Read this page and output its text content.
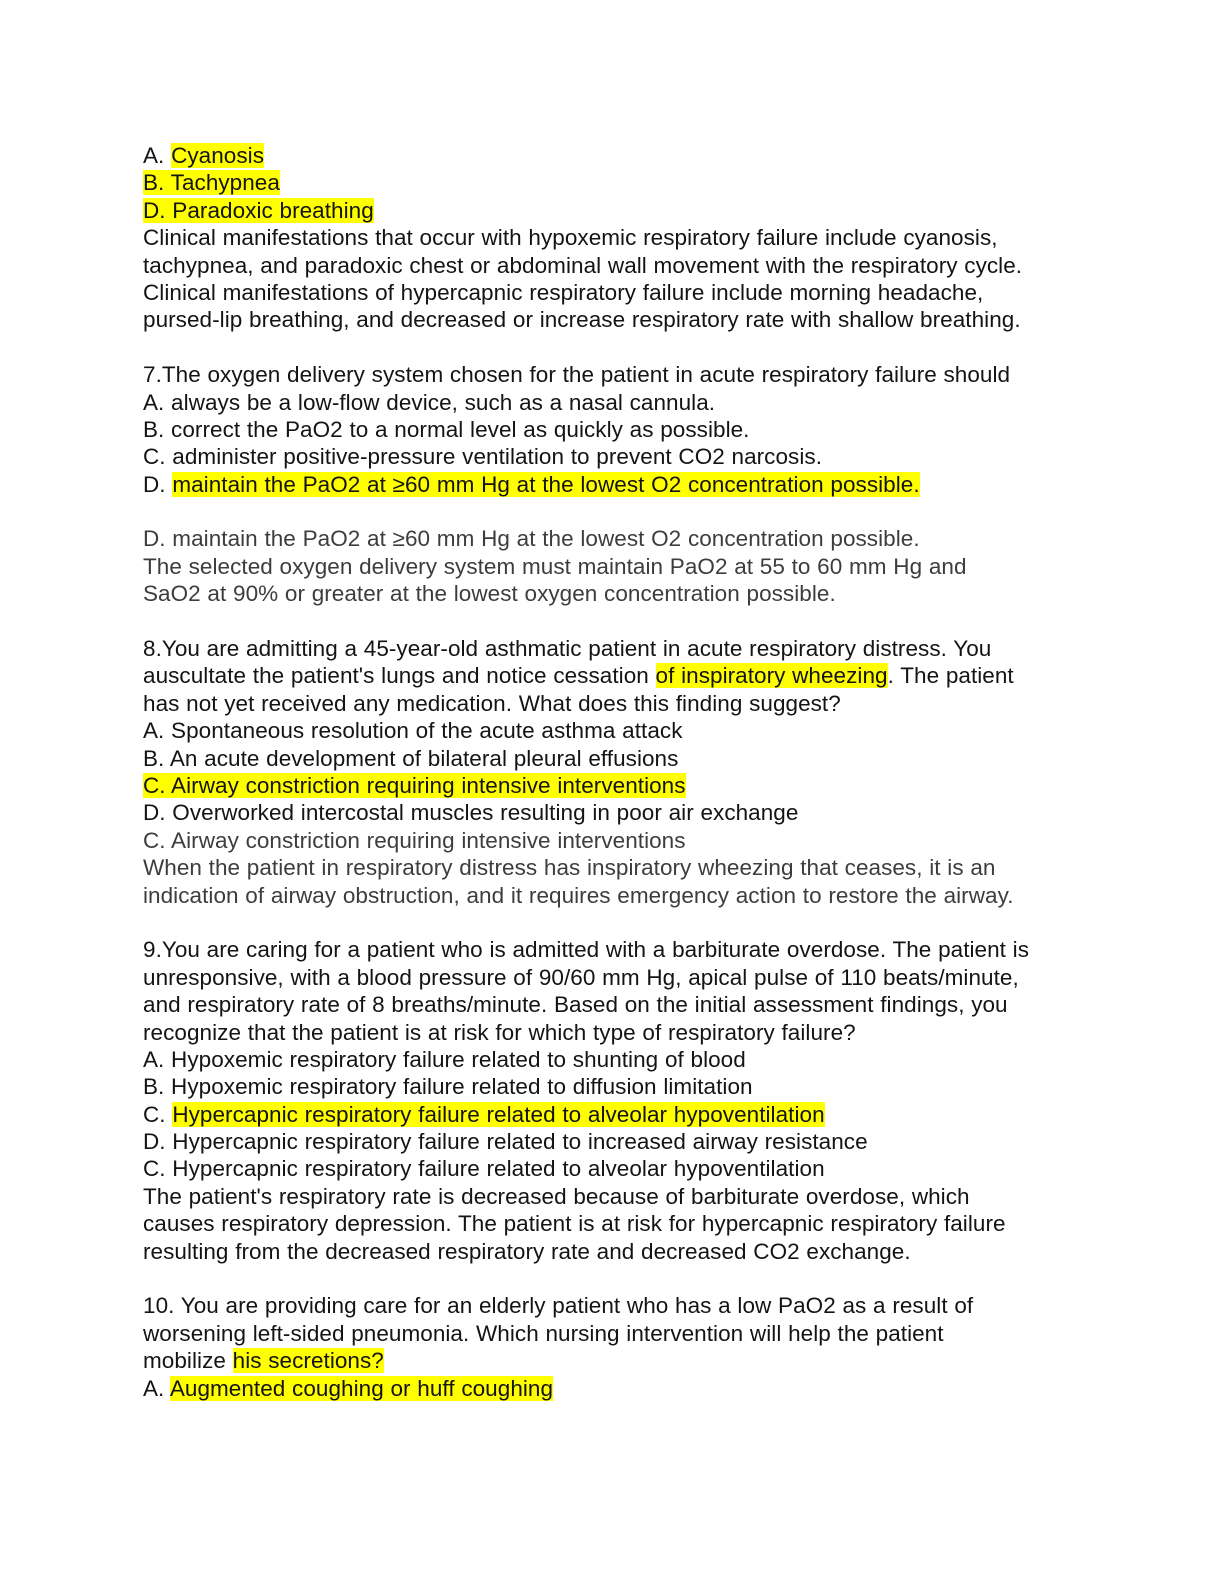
A. Cyanosis
B. Tachypnea
D. Paradoxic breathing
Clinical manifestations that occur with hypoxemic respiratory failure include cyanosis,
tachypnea, and paradoxic chest or abdominal wall movement with the respiratory cycle.
Clinical manifestations of hypercapnic respiratory failure include morning headache,
pursed-lip breathing, and decreased or increase respiratory rate with shallow breathing.
7.The oxygen delivery system chosen for the patient in acute respiratory failure should
A. always be a low-flow device, such as a nasal cannula.
B. correct the PaO2 to a normal level as quickly as possible.
C. administer positive-pressure ventilation to prevent CO2 narcosis.
D. maintain the PaO2 at ≥60 mm Hg at the lowest O2 concentration possible.
D. maintain the PaO2 at ≥60 mm Hg at the lowest O2 concentration possible.
The selected oxygen delivery system must maintain PaO2 at 55 to 60 mm Hg and
SaO2 at 90% or greater at the lowest oxygen concentration possible.
8.You are admitting a 45-year-old asthmatic patient in acute respiratory distress. You
auscultate the patient's lungs and notice cessation of inspiratory wheezing. The patient
has not yet received any medication. What does this finding suggest?
A. Spontaneous resolution of the acute asthma attack
B. An acute development of bilateral pleural effusions
C. Airway constriction requiring intensive interventions
D. Overworked intercostal muscles resulting in poor air exchange
C. Airway constriction requiring intensive interventions
When the patient in respiratory distress has inspiratory wheezing that ceases, it is an
indication of airway obstruction, and it requires emergency action to restore the airway.
9.You are caring for a patient who is admitted with a barbiturate overdose. The patient is
unresponsive, with a blood pressure of 90/60 mm Hg, apical pulse of 110 beats/minute,
and respiratory rate of 8 breaths/minute. Based on the initial assessment findings, you
recognize that the patient is at risk for which type of respiratory failure?
A. Hypoxemic respiratory failure related to shunting of blood
B. Hypoxemic respiratory failure related to diffusion limitation
C. Hypercapnic respiratory failure related to alveolar hypoventilation
D. Hypercapnic respiratory failure related to increased airway resistance
C. Hypercapnic respiratory failure related to alveolar hypoventilation
The patient's respiratory rate is decreased because of barbiturate overdose, which
causes respiratory depression. The patient is at risk for hypercapnic respiratory failure
resulting from the decreased respiratory rate and decreased CO2 exchange.
10. You are providing care for an elderly patient who has a low PaO2 as a result of
worsening left-sided pneumonia. Which nursing intervention will help the patient
mobilize his secretions?
A. Augmented coughing or huff coughing
